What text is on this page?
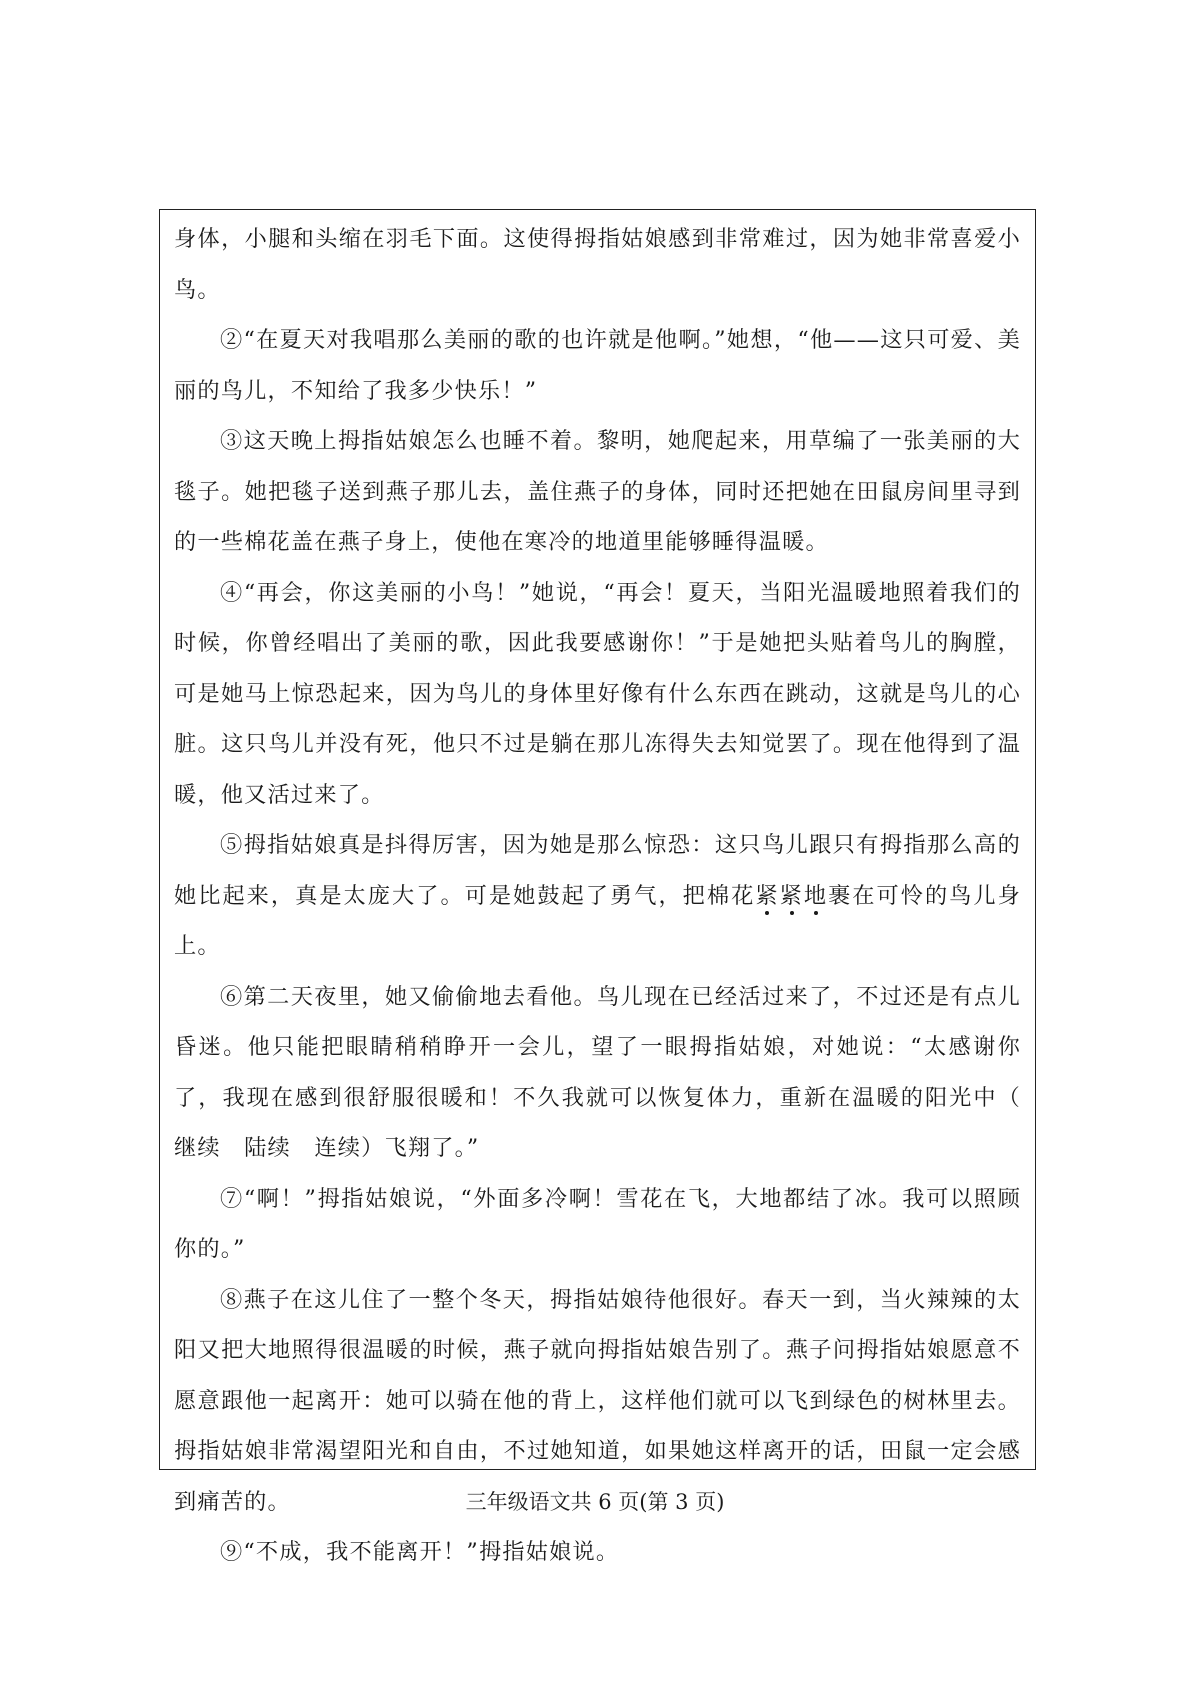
身体，小腿和头缩在羽毛下面。这使得拇指姑娘感到非常难过，因为她非常喜爱小鸟。

②“在夏天对我唱那么美丽的歌的也许就是他啊。”她想，“他——这只可爱、美丽的鸟儿，不知给了我多少快乐！”

③这天晚上拇指姑娘怎么也睡不着。黎明，她爬起来，用草编了一张美丽的大毯子。她把毯子送到燕子那儿去，盖住燕子的身体，同时还把她在田鼠房间里寻到的一些棉花盖在燕子身上，使他在寒冷的地道里能够睡得温暖。

④“再会，你这美丽的小鸟！”她说，“再会！夏天，当阳光温暖地照着我们的时候，你曾经唱出了美丽的歌，因此我要感谢你！”于是她把头贴着鸟儿的胸膛，可是她马上惊恐起来，因为鸟儿的身体里好像有什么东西在跳动，这就是鸟儿的心脏。这只鸟儿并没有死，他只不过是躺在那儿冻得失去知觉罢了。现在他得到了温暖，他又活过来了。

⑤拇指姑娘真是抖得厉害，因为她是那么惊恐：这只鸟儿跟只有拇指那么高的她比起来，真是太庞大了。可是她鼓起了勇气，把棉花紧紧地裹在可怜的鸟儿身上。

⑥第二天夜里，她又偷偷地去看他。鸟儿现在已经活过来了，不过还是有点儿昏迷。他只能把眼睛稍稍睁开一会儿，望了一眼拇指姑娘，对她说：“太感谢你了，我现在感到很舒服很暖和！不久我就可以恢复体力，重新在温暖的阳光中（ 继续　陆续　连续）飞翔了。”

⑦“啊！”拇指姑娘说，“外面多冷啊！雪花在飞，大地都结了冰。我可以照顾你的。”

⑧燕子在这儿住了一整个冬天，拇指姑娘待他很好。春天一到，当火辣辣的太阳又把大地照得很温暖的时候，燕子就向拇指姑娘告别了。燕子问拇指姑娘愿意不愿意跟他一起离开：她可以骑在他的背上，这样他们就可以飞到绿色的树林里去。拇指姑娘非常渴望阳光和自由，不过她知道，如果她这样离开的话，田鼠一定会感到痛苦的。

⑨“不成，我不能离开！”拇指姑娘说。

三年级语文共 6 页(第 3 页)
